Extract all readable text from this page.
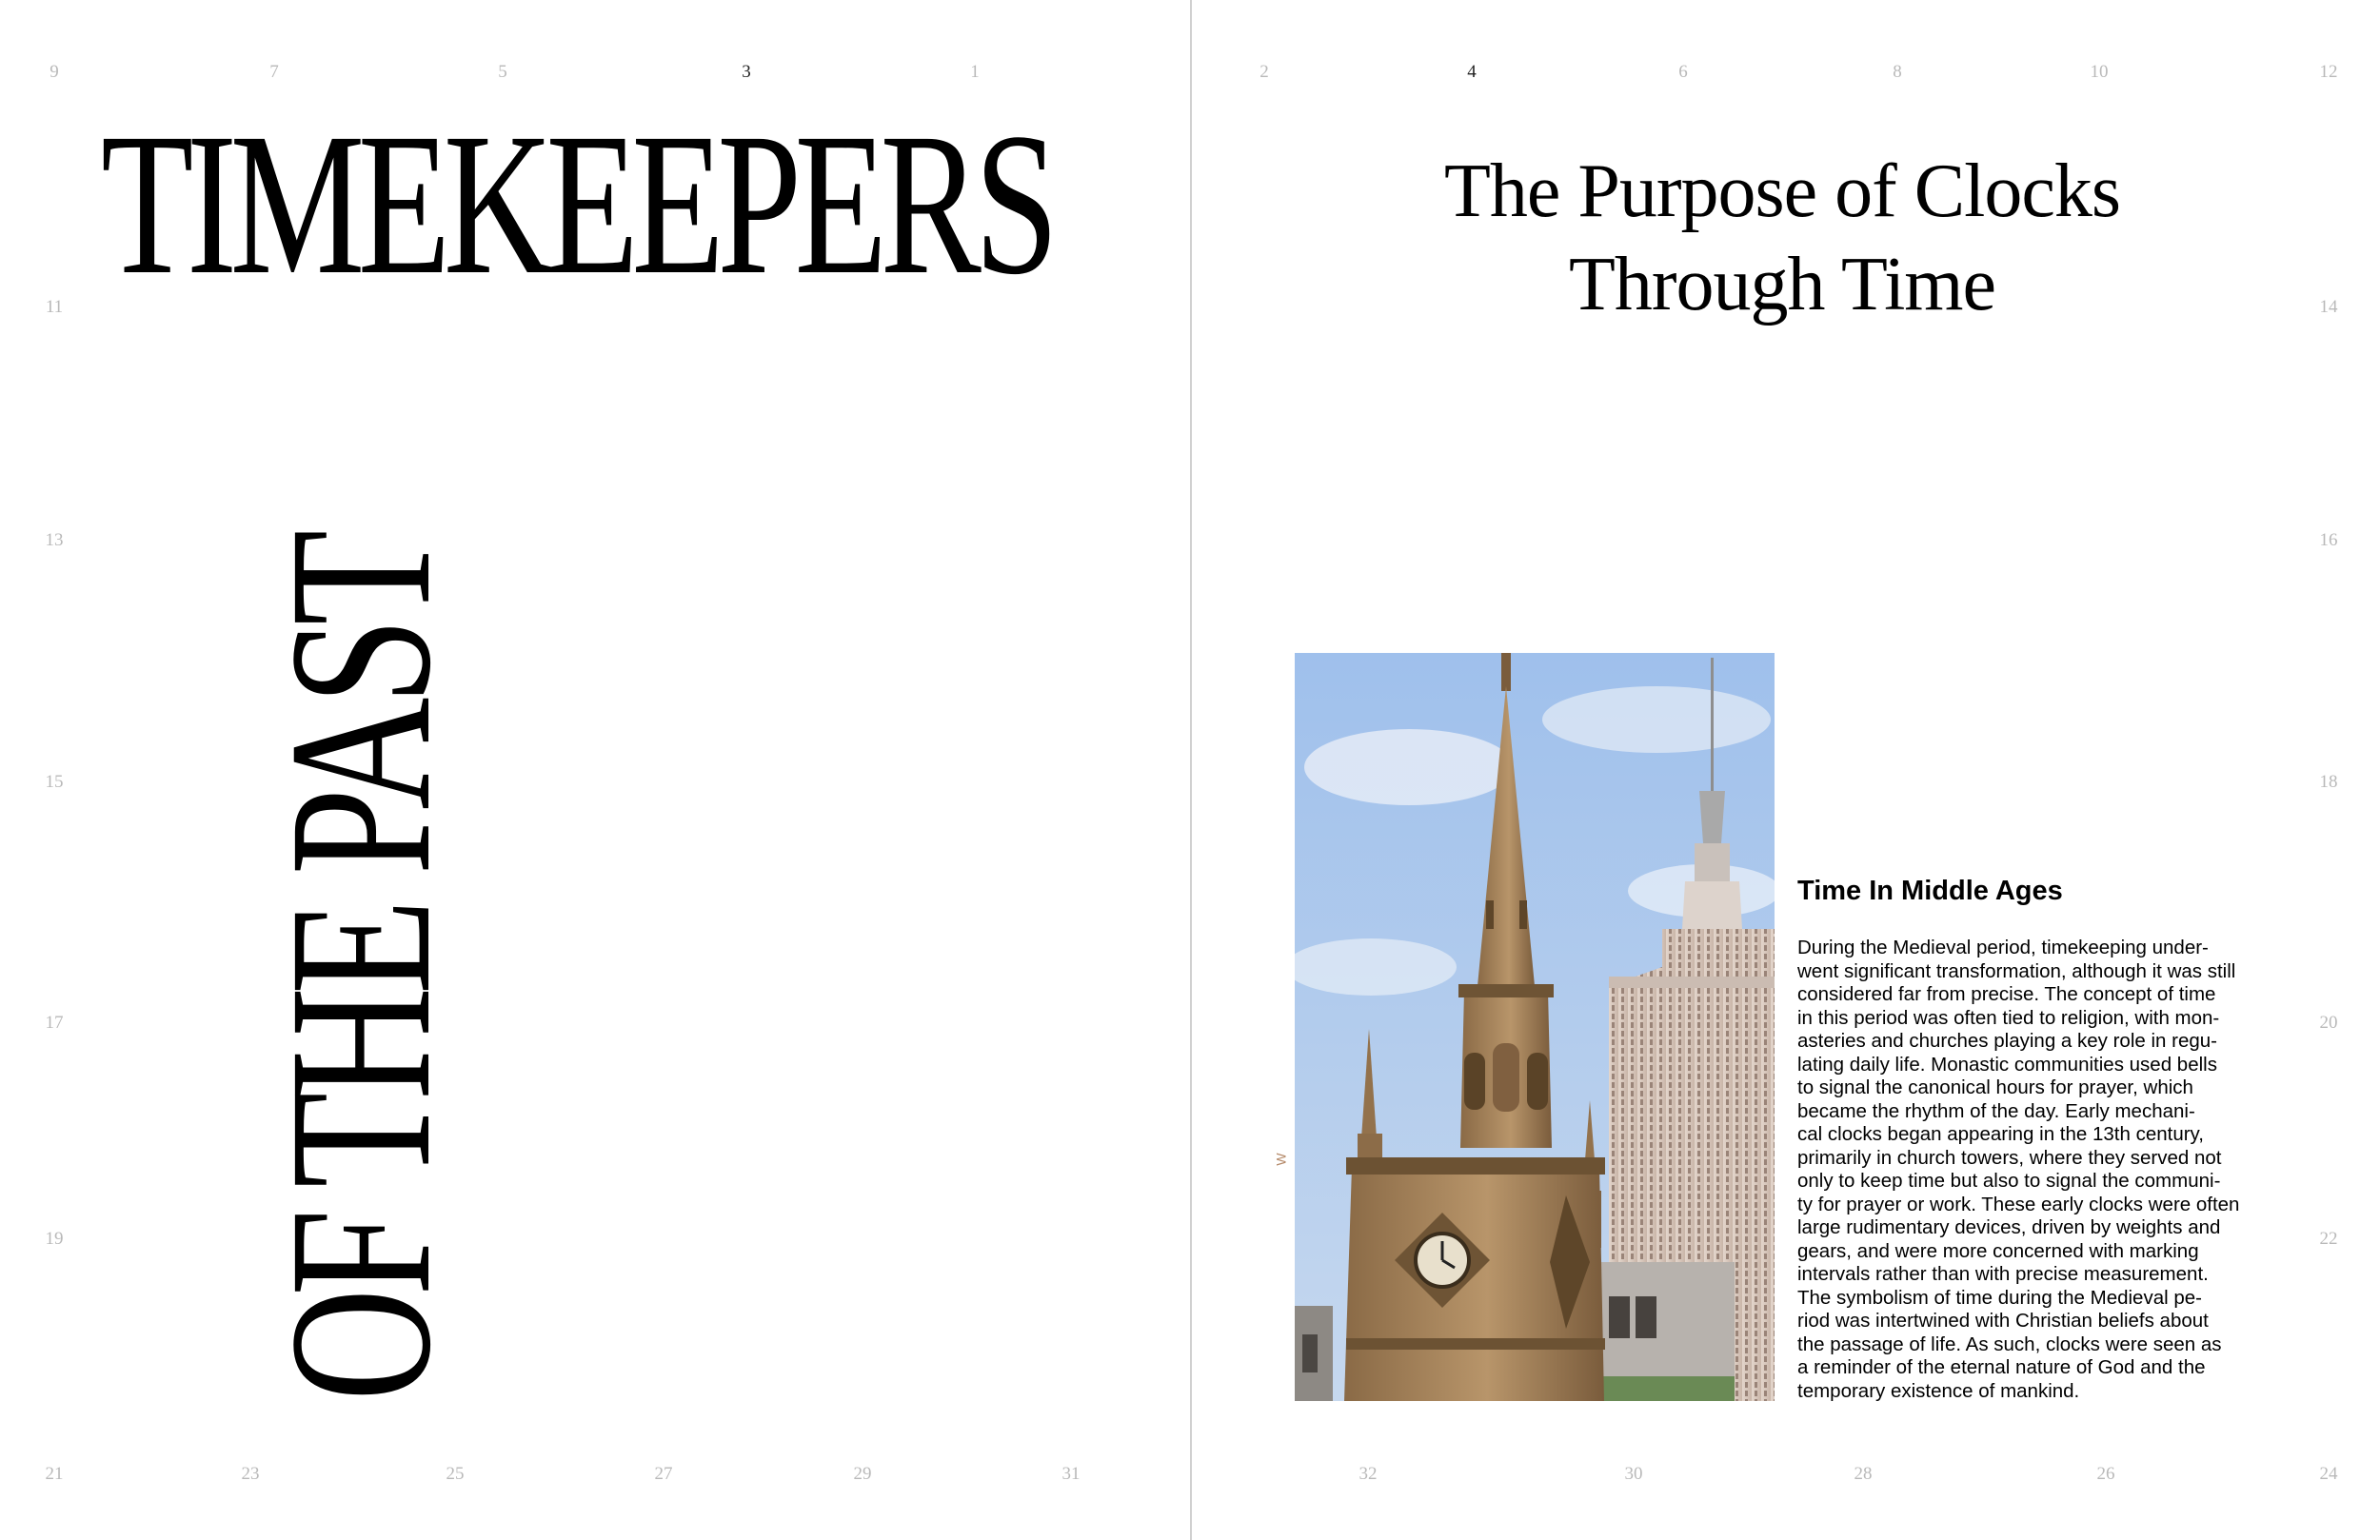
9	7	5	3	1
11
13
15
17
19
21	23	25	27	29	31
TIMEKEEPERS
OF THE PAST
2	4	6	8	10	12
14
16
18
20
22
32	30	28	26	24
The Purpose of Clocks
Through Time
W
Time In Middle Ages
During the Medieval period, timekeeping under-
went significant transformation, although it was still
considered far from precise. The concept of time
in this period was often tied to religion, with mon-
asteries and churches playing a key role in regu-
lating daily life. Monastic communities used bells
to signal the canonical hours for prayer, which
became the rhythm of the day. Early mechani-
cal clocks began appearing in the 13th century,
primarily in church towers, where they served not
only to keep time but also to signal the communi-
ty for prayer or work. These early clocks were often
large rudimentary devices, driven by weights and
gears, and were more concerned with marking
intervals rather than with precise measurement.
The symbolism of time during the Medieval pe-
riod was intertwined with Christian beliefs about
the passage of life. As such, clocks were seen as
a reminder of the eternal nature of God and the
temporary existence of mankind.
